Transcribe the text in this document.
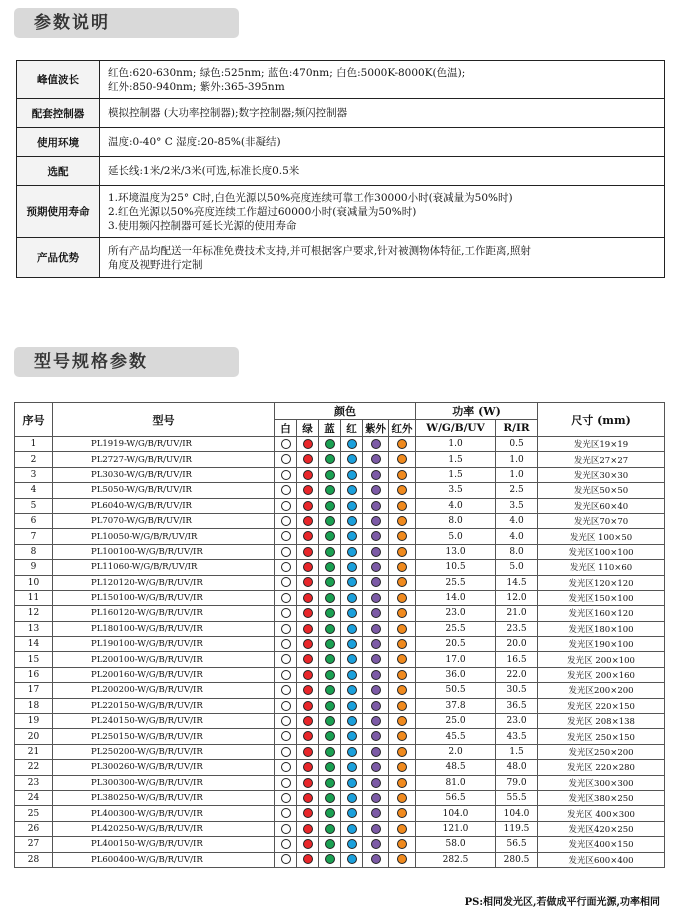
参数说明
峰值波长	红色:620-630nm; 绿色:525nm; 蓝色:470nm; 白色:5000K-8000K(色温);
红外:850-940nm; 紫外:365-395nm

配套控制器	模拟控制器 (大功率控制器);数字控制器;频闪控制器

使用环境	温度:0-40° C 湿度:20-85%(非凝结)

选配	延长线:1米/2米/3米(可选,标准长度0.5米

预期使用寿命	1.环境温度为25° C时,白色光源以50%亮度连续可靠工作30000小时(衰减量为50%时)
2.红色光源以50%亮度连续工作超过60000小时(衰减量为50%时)
3.使用频闪控制器可延长光源的使用寿命

产品优势	所有产品均配送一年标准免费技术支持,并可根据客户要求,针对被测物体特征,工作距离,照射
角度及视野进行定制
型号规格参数
序号	型号	颜色						功率 (W)		尺寸 (mm)
		白	绿	蓝	红	紫外	红外	W/G/B/UV	R/IR	
1	PL1919-W/G/B/R/UV/IR							1.0	0.5	发光区19×19
2	PL2727-W/G/B/R/UV/IR							1.5	1.0	发光区27×27
3	PL3030-W/G/B/R/UV/IR							1.5	1.0	发光区30×30
4	PL5050-W/G/B/R/UV/IR							3.5	2.5	发光区50×50
5	PL6040-W/G/B/R/UV/IR							4.0	3.5	发光区60×40
6	PL7070-W/G/B/R/UV/IR							8.0	4.0	发光区70×70
7	PL10050-W/G/B/R/UV/IR							5.0	4.0	发光区 100×50
8	PL100100-W/G/B/R/UV/IR							13.0	8.0	发光区100×100
9	PL11060-W/G/B/R/UV/IR							10.5	5.0	发光区 110×60
10	PL120120-W/G/B/R/UV/IR							25.5	14.5	发光区120×120
11	PL150100-W/G/B/R/UV/IR							14.0	12.0	发光区150×100
12	PL160120-W/G/B/R/UV/IR							23.0	21.0	发光区160×120
13	PL180100-W/G/B/R/UV/IR							25.5	23.5	发光区180×100
14	PL190100-W/G/B/R/UV/IR							20.5	20.0	发光区190×100
15	PL200100-W/G/B/R/UV/IR							17.0	16.5	发光区 200×100
16	PL200160-W/G/B/R/UV/IR							36.0	22.0	发光区 200×160
17	PL200200-W/G/B/R/UV/IR							50.5	30.5	发光区200×200
18	PL220150-W/G/B/R/UV/IR							37.8	36.5	发光区 220×150
19	PL240150-W/G/B/R/UV/IR							25.0	23.0	发光区 208×138
20	PL250150-W/G/B/R/UV/IR							45.5	43.5	发光区 250×150
21	PL250200-W/G/B/R/UV/IR							2.0	1.5	发光区250×200
22	PL300260-W/G/B/R/UV/IR							48.5	48.0	发光区 220×280
23	PL300300-W/G/B/R/UV/IR							81.0	79.0	发光区300×300
24	PL380250-W/G/B/R/UV/IR							56.5	55.5	发光区380×250
25	PL400300-W/G/B/R/UV/IR							104.0	104.0	发光区 400×300
26	PL420250-W/G/B/R/UV/IR							121.0	119.5	发光区420×250
27	PL400150-W/G/B/R/UV/IR							58.0	56.5	发光区400×150
28	PL600400-W/G/B/R/UV/IR							282.5	280.5	发光区600×400
PS:相同发光区,若做成平行面光源,功率相同
